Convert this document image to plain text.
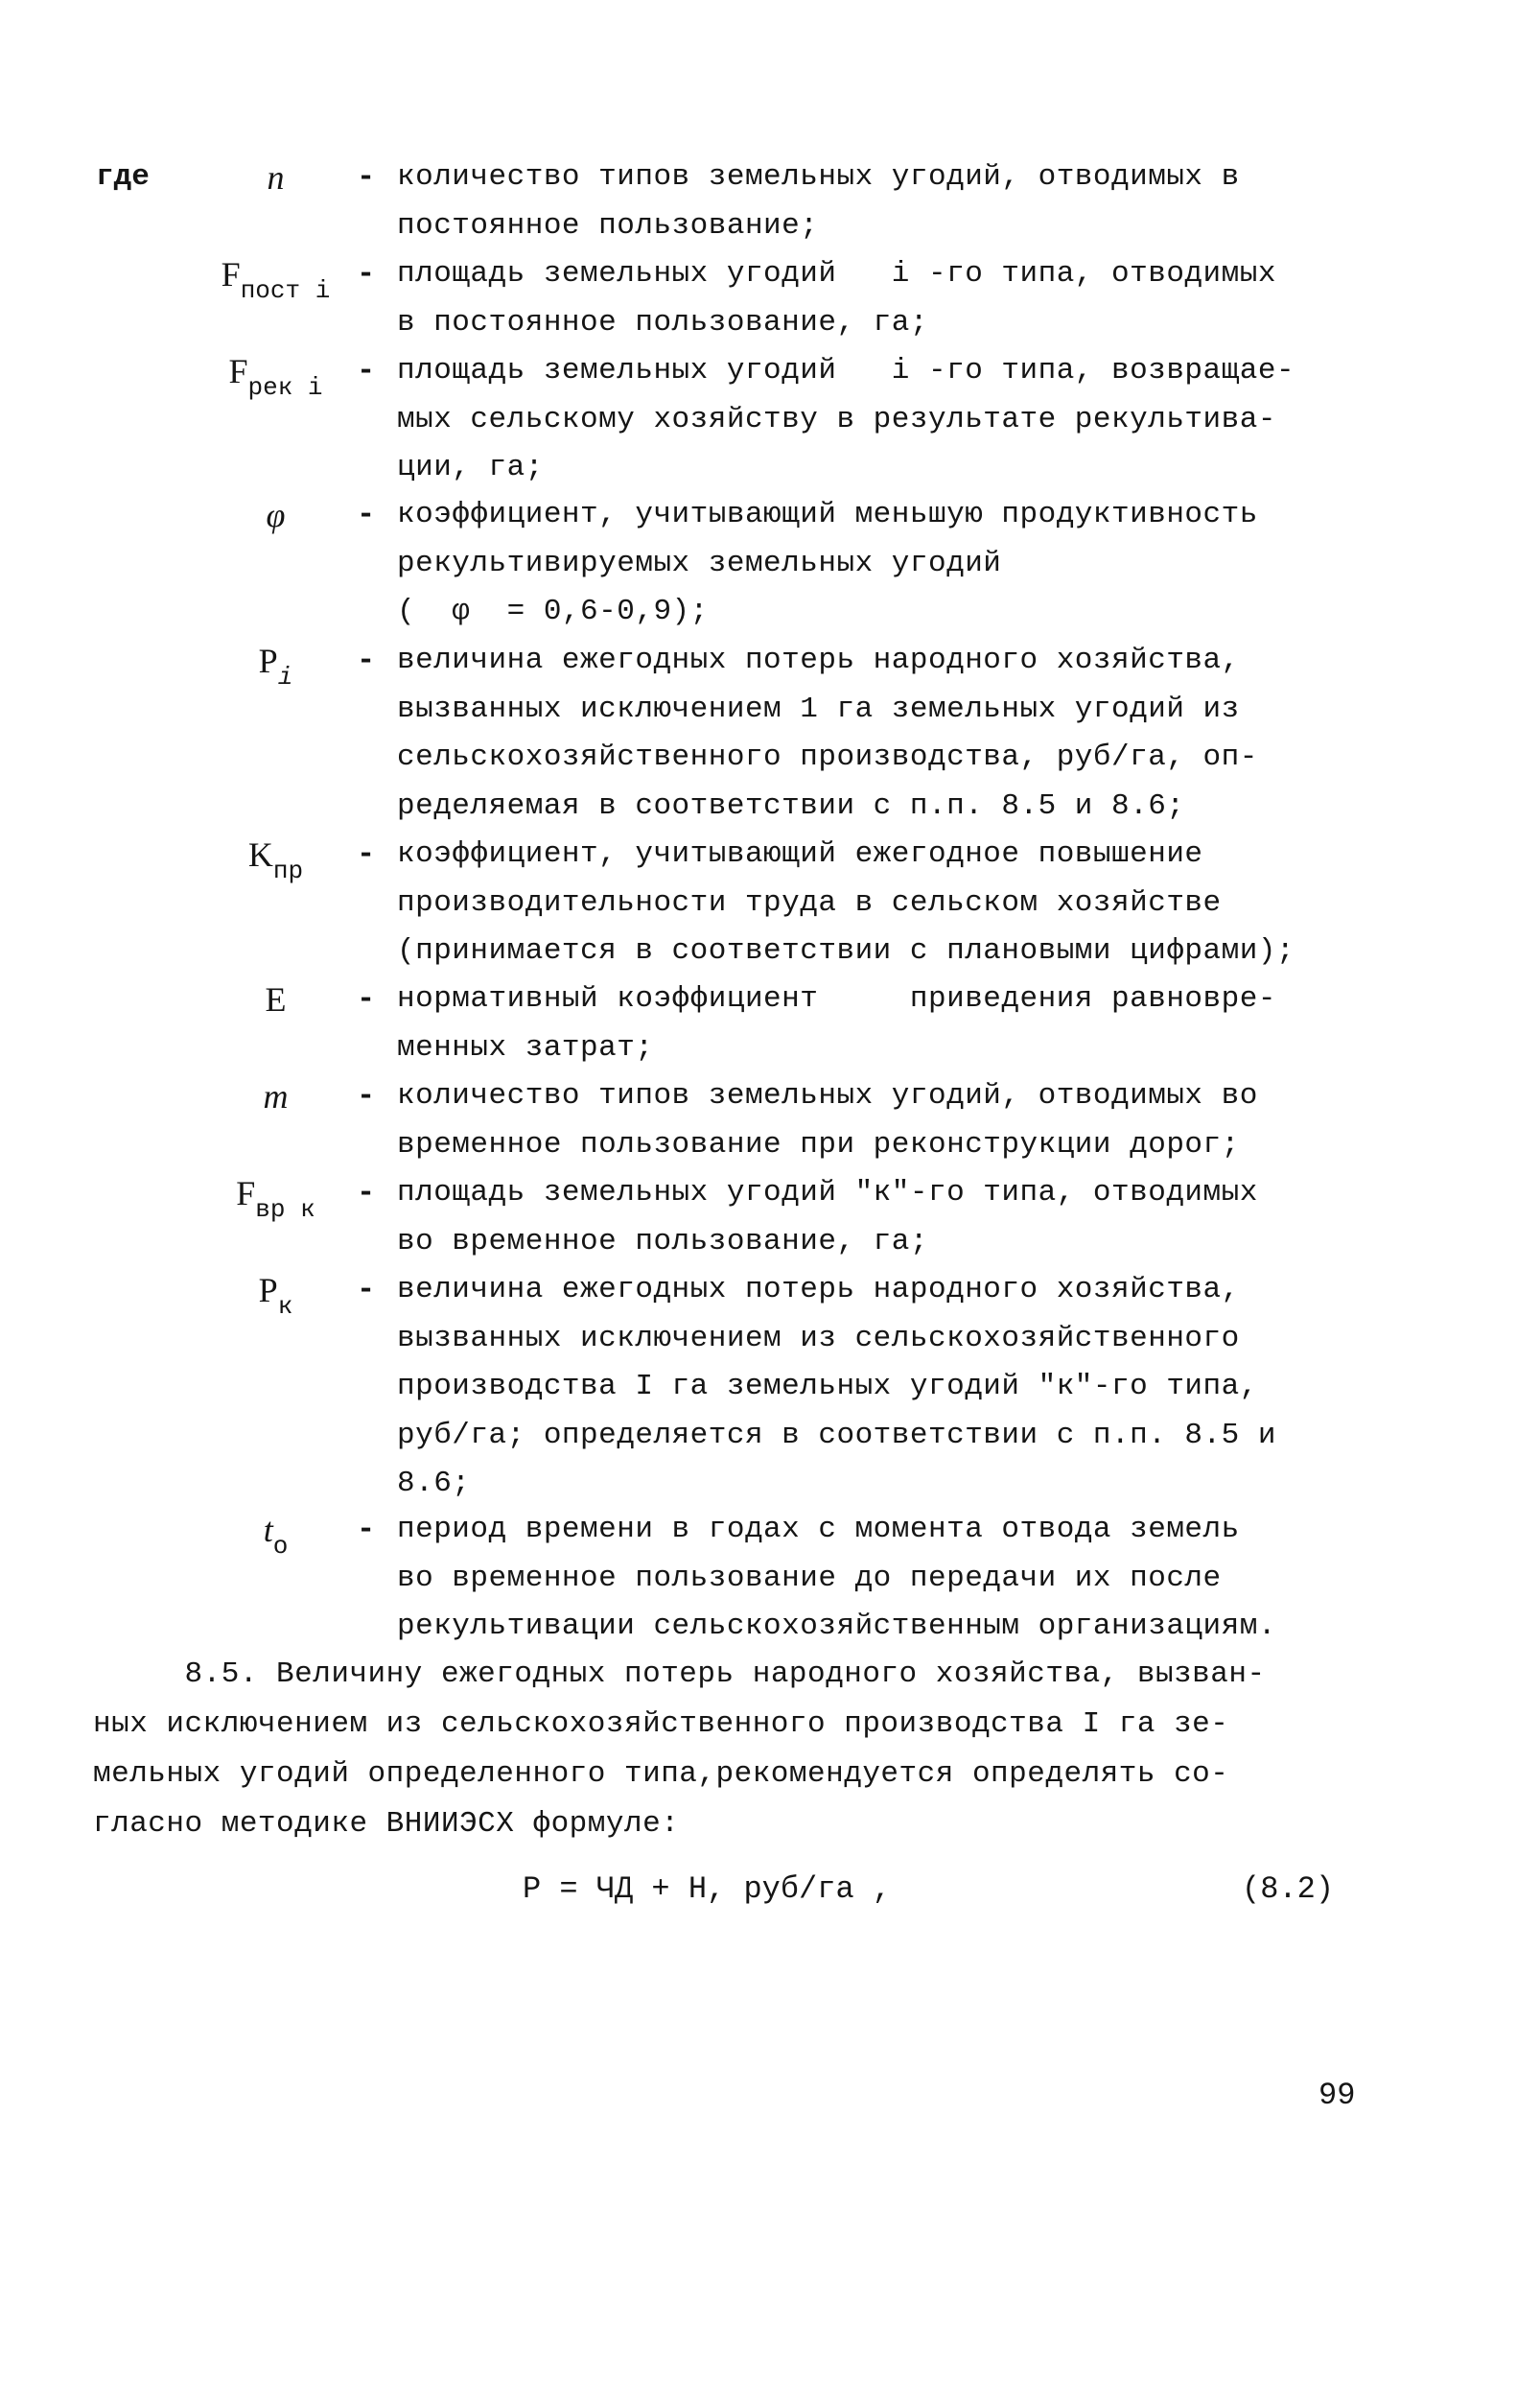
где	n	- количество типов земельных угодий, отводимых в
постоянное пользование;
$F_{пост i}$ - площадь земельных угодий   i -го типа, отводимых
в постоянное пользование, га;
$F_{рек i}$	- площадь земельных угодий   i -го типа, возвращае-
мых сельскому хозяйству в результате рекультива-
ции, га;
φ	- коэффициент, учитывающий меньшую продуктивность
рекультивируемых земельных угодий
(  φ  = 0,6-0,9);
$P_i$	- величина ежегодных потерь народного хозяйства,
вызванных исключением 1 га земельных угодий из
сельскохозяйственного производства, руб/га, оп-
ределяемая в соответствии с п.п. 8.5 и 8.6;
$K_{пр}$	- коэффициент, учитывающий ежегодное повышение
производительности труда в сельском хозяйстве
(принимается в соответствии с плановыми цифрами);
E	- нормативный коэффициент     приведения равновре-
менных затрат;
m	- количество типов земельных угодий, отводимых во
временное пользование при реконструкции дорог;
$F_{вр к}$	- площадь земельных угодий "к"-го типа, отводимых
во временное пользование, га;
$P_к$	- величина ежегодных потерь народного хозяйства,
вызванных исключением из сельскохозяйственного
производства I га земельных угодий "к"-го типа,
руб/га; определяется в соответствии с п.п. 8.5 и
8.6;
$t_о$	- период времени в годах с момента отвода земель
во временное пользование до передачи их после
рекультивации сельскохозяйственным организациям.
8.5. Величину ежегодных потерь народного хозяйства, вызван-
ных исключением из сельскохозяйственного производства I га зе-
мельных угодий определенного типа,рекомендуется определять со-
гласно методике ВНИИЭСХ формуле:
P = ЧД + Н, руб/га ,	(8.2)
99
